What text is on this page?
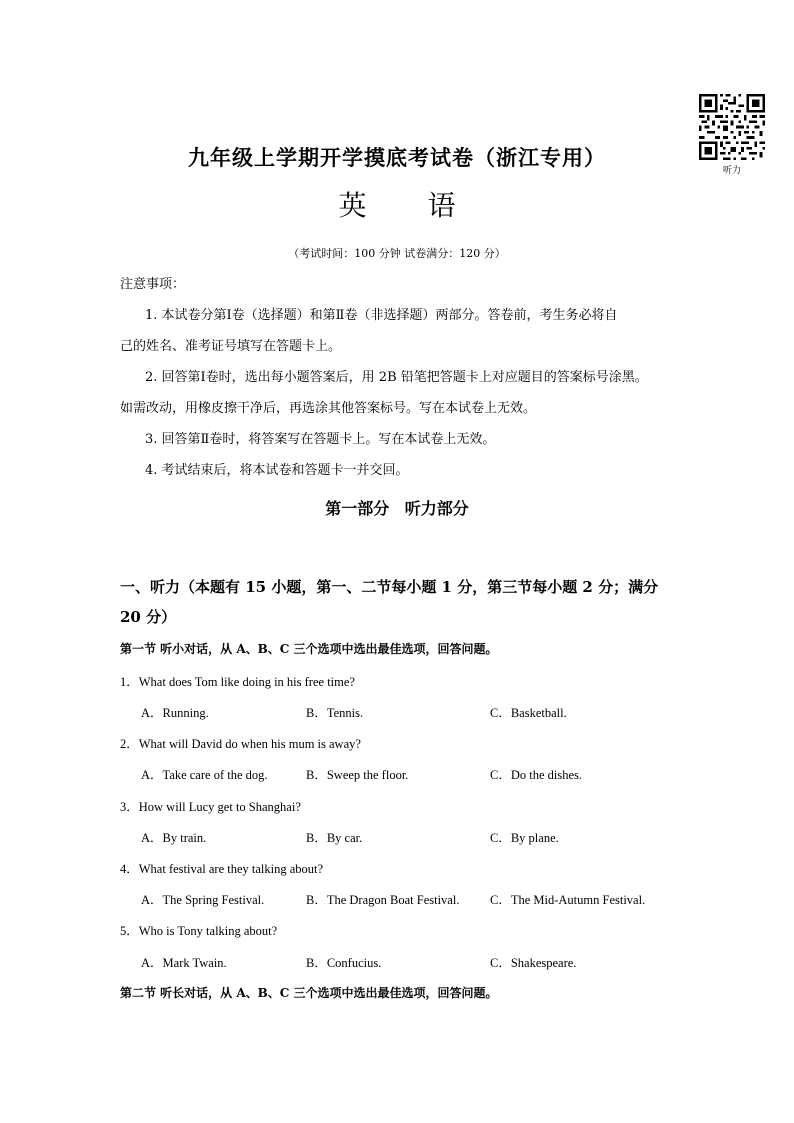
听力
九年级上学期开学摸底考试卷（浙江专用）
英 语
（考试时间：100 分钟 试卷满分：120 分）
注意事项：
1. 本试卷分第Ⅰ卷（选择题）和第Ⅱ卷（非选择题）两部分。答卷前，考生务必将自
己的姓名、准考证号填写在答题卡上。
2. 回答第Ⅰ卷时，选出每小题答案后，用 2B 铅笔把答题卡上对应题目的答案标号涂黑。
如需改动，用橡皮擦干净后，再选涂其他答案标号。写在本试卷上无效。
3. 回答第Ⅱ卷时，将答案写在答题卡上。写在本试卷上无效。
4. 考试结束后，将本试卷和答题卡一并交回。
第一部分 听力部分
一、听力（本题有 15 小题，第一、二节每小题 1 分，第三节每小题 2 分；满分
20 分）
第一节 听小对话，从 A、B、C 三个选项中选出最佳选项，回答问题。
1．What does Tom like doing in his free time?
A．Running.	B．Tennis.	C．Basketball.
2．What will David do when his mum is away?
A．Take care of the dog.	B．Sweep the floor.	C．Do the dishes.
3．How will Lucy get to Shanghai?
A．By train.	B．By car.	C．By plane.
4．What festival are they talking about?
A．The Spring Festival.	B．The Dragon Boat Festival. C．The Mid-Autumn Festival.
5．Who is Tony talking about?
A．Mark Twain.	B．Confucius.	C．Shakespeare.
第二节 听长对话，从 A、B、C 三个选项中选出最佳选项，回答问题。
